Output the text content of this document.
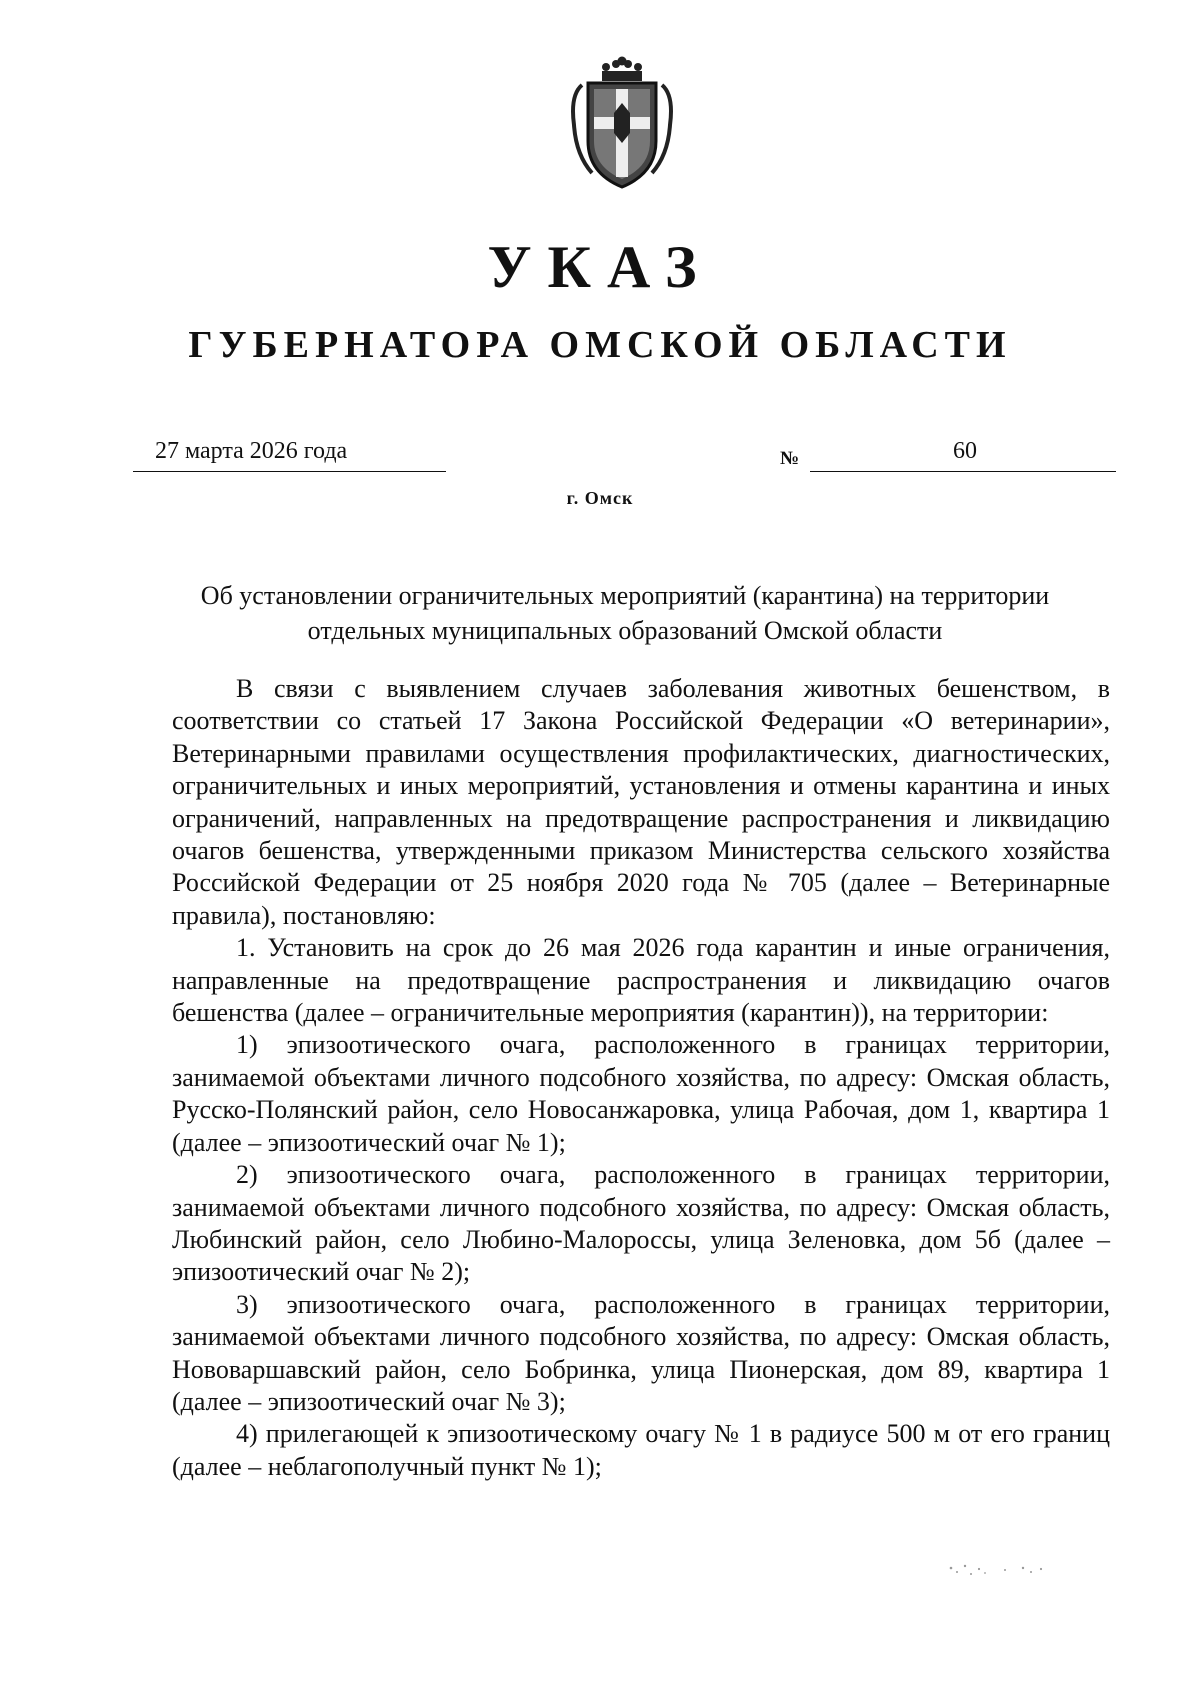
УКАЗ
ГУБЕРНАТОРА ОМСКОЙ ОБЛАСТИ
27 марта 2026 года	№	60
г. Омск
Об установлении ограничительных мероприятий (карантина) на территории отдельных муниципальных образований Омской области

В связи с выявлением случаев заболевания животных бешенством, в соответствии со статьей 17 Закона Российской Федерации «О ветеринарии», Ветеринарными правилами осуществления профилактических, диагностических, ограничительных и иных мероприятий, установления и отмены карантина и иных ограничений, направленных на предотвращение распространения и ликвидацию очагов бешенства, утвержденными приказом Министерства сельского хозяйства Российской Федерации от 25 ноября 2020 года № 705 (далее – Ветеринарные правила), постановляю:

1. Установить на срок до 26 мая 2026 года карантин и иные ограничения, направленные на предотвращение распространения и ликвидацию очагов бешенства (далее – ограничительные мероприятия (карантин)), на территории:

1) эпизоотического очага, расположенного в границах территории, занимаемой объектами личного подсобного хозяйства, по адресу: Омская область, Русско-Полянский район, село Новосанжаровка, улица Рабочая, дом 1, квартира 1 (далее – эпизоотический очаг № 1);

2) эпизоотического очага, расположенного в границах территории, занимаемой объектами личного подсобного хозяйства, по адресу: Омская область, Любинский район, село Любино-Малороссы, улица Зеленовка, дом 5б (далее – эпизоотический очаг № 2);

3) эпизоотического очага, расположенного в границах территории, занимаемой объектами личного подсобного хозяйства, по адресу: Омская область, Нововаршавский район, село Бобринка, улица Пионерская, дом 89, квартира 1 (далее – эпизоотический очаг № 3);

4) прилегающей к эпизоотическому очагу № 1 в радиусе 500 м от его границ (далее – неблагополучный пункт № 1);
